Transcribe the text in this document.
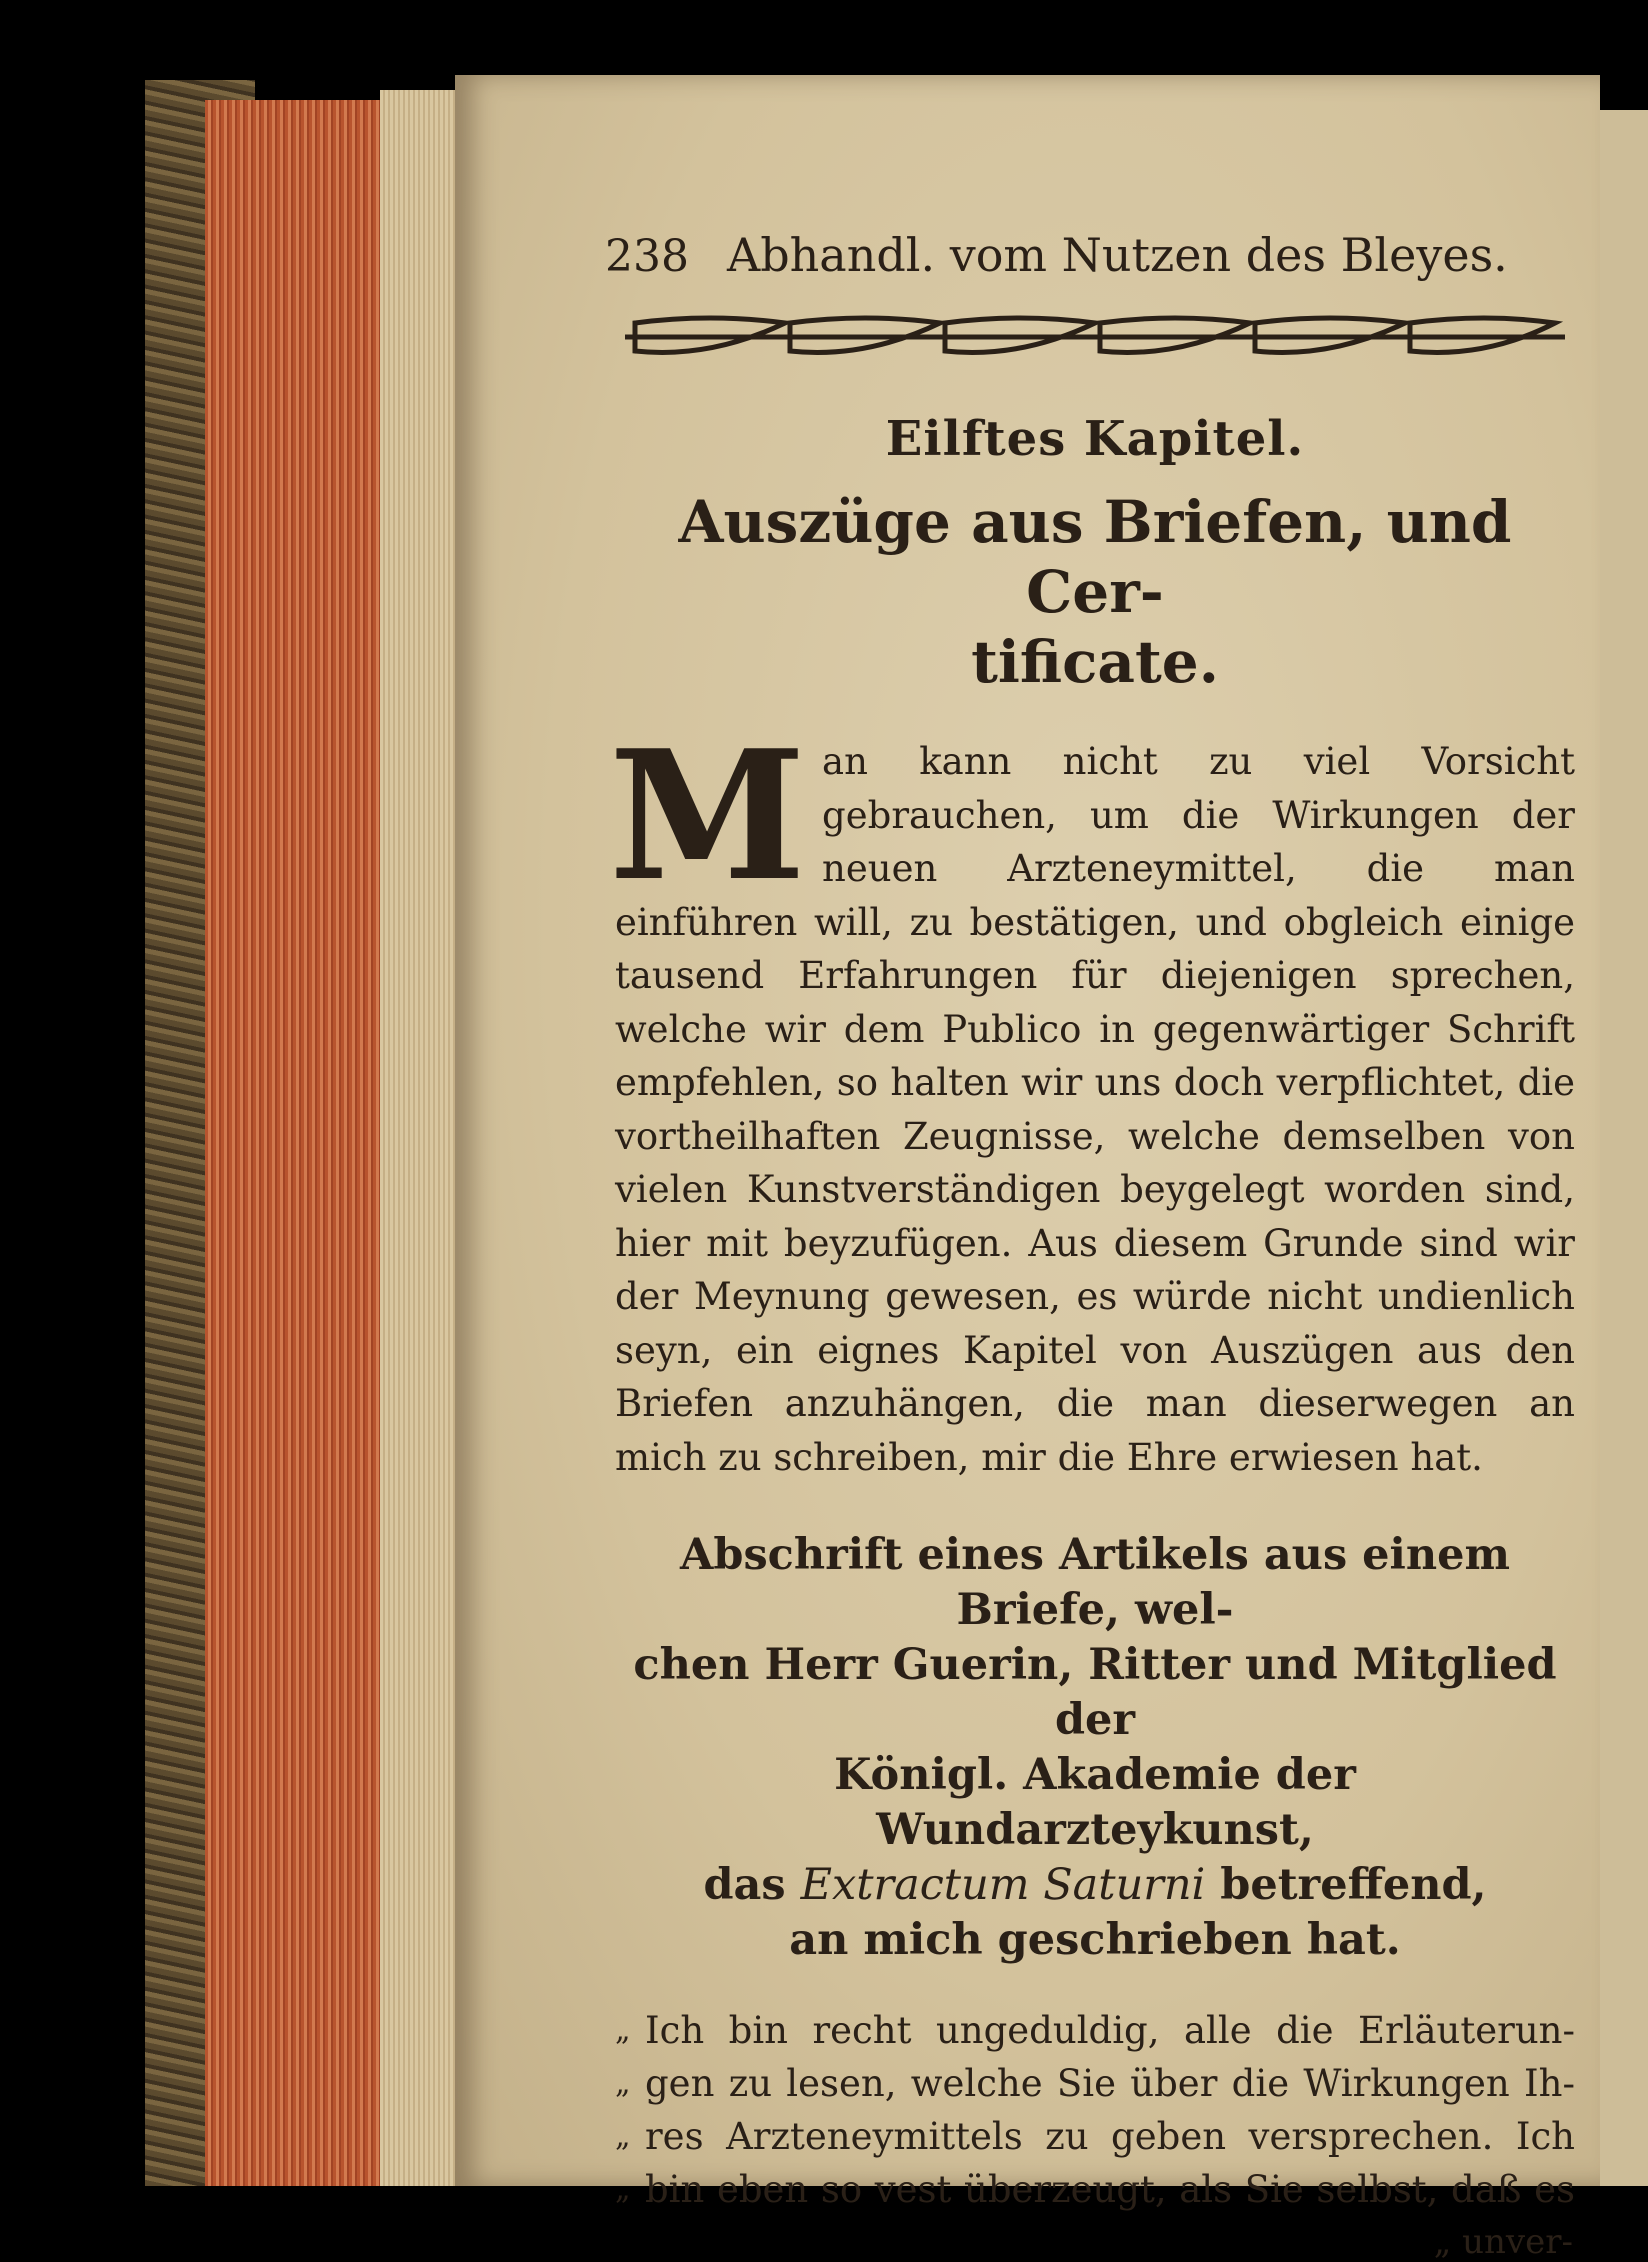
238 Abhandl. vom Nutzen des Bleyes.
Eilftes Kapitel.
Auszüge aus Briefen, und Cer-
tificate.
M an kann nicht zu viel Vorsicht gebrauchen, um die Wirkungen der neuen Arzteneymittel, die man einführen will, zu bestätigen, und obgleich einige tausend Erfahrungen für diejenigen sprechen, welche wir dem Publico in gegenwärtiger Schrift empfehlen, so halten wir uns doch verpflichtet, die vortheilhaften Zeugnisse, welche demselben von vielen Kunstverständigen beygelegt worden sind, hier mit beyzufügen. Aus diesem Grunde sind wir der Meynung gewesen, es würde nicht undienlich seyn, ein eignes Kapitel von Auszügen aus den Briefen anzuhängen, die man dieserwegen an mich zu schreiben, mir die Ehre erwiesen hat.
Abschrift eines Artikels aus einem Briefe, wel-
chen Herr Guerin, Ritter und Mitglied der
Königl. Akademie der Wundarzteykunst,
das Extractum Saturni betreffend,
an mich geschrieben hat.
„ Ich bin recht ungeduldig, alle die Erläuterun-
„ gen zu lesen, welche Sie über die Wirkungen Ih-
„ res Arzteneymittels zu geben versprechen. Ich
„ bin eben so vest überzeugt, als Sie selbst, daß es
„ unver-
